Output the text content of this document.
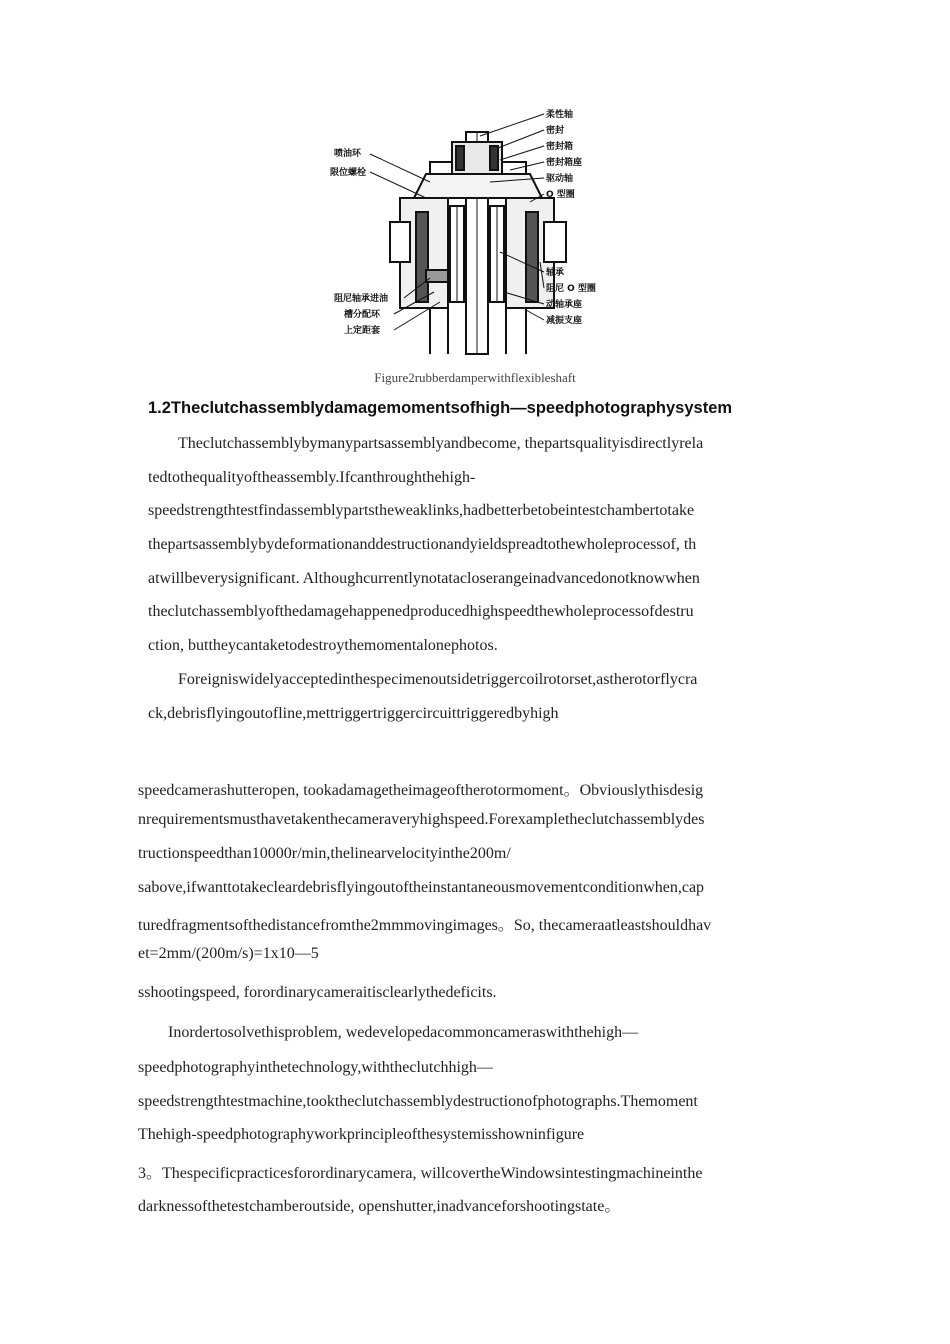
柔性轴
密封
密封箱
密封箱座
驱动轴
O 型圈
轴承
阻尼 O 型圈
动轴承座
减振支座
喷油环
限位螺栓
阻尼轴承进油
槽分配环
上定距套
Figure2rubberdamperwithflexibleshaft
1.2Theclutchassemblydamagemomentsofhigh—speedphotographysystem
Theclutchassemblybymanypartsassemblyandbecome, thepartsqualityisdirectlyrela
tedtothequalityoftheassembly.Ifcanthroughthehigh-
speedstrengthtestfindassemblypartstheweaklinks,hadbetterbetobeintestchambertotake
thepartsassemblybydeformationanddestructionandyieldspreadtothewholeprocessof, th
atwillbeverysignificant. Althoughcurrentlynotatacloserangeinadvancedonotknowwhen
theclutchassemblyofthedamagehappenedproducedhighspeedthewholeprocessofdestru
ction, buttheycantaketodestroythemomentalonephotos.
Foreigniswidelyacceptedinthespecimenoutsidetriggercoilrotorset,astherotorflycra
ck,debrisflyingoutofline,mettriggertriggercircuittriggeredbyhigh
speedcamerashutteropen, tookadamagetheimageoftherotormoment。Obviouslythisdesig
nrequirementsmusthavetakenthecameraveryhighspeed.Forexampletheclutchassemblydes
tructionspeedthan10000r/min,thelinearvelocityinthe200m/
sabove,ifwanttotakecleardebrisflyingoutoftheinstantaneousmovementconditionwhen,cap
turedfragmentsofthedistancefromthe2mmmovingimages。So, thecameraatleastshouldhav
et=2mm/(200m/s)=1x10—5
sshootingspeed, forordinarycameraitisclearlythedeficits.
Inordertosolvethisproblem, wedevelopedacommoncameraswiththehigh—
speedphotographyinthetechnology,withtheclutchhigh—
speedstrengthtestmachine,tooktheclutchassemblydestructionofphotographs.Themoment
Thehigh-speedphotographyworkprincipleofthesystemisshowninfigure
3。Thespecificpracticesforordinarycamera, willcovertheWindowsintestingmachineinthe
darknessofthetestchamberoutside, openshutter,inadvanceforshootingstate。
